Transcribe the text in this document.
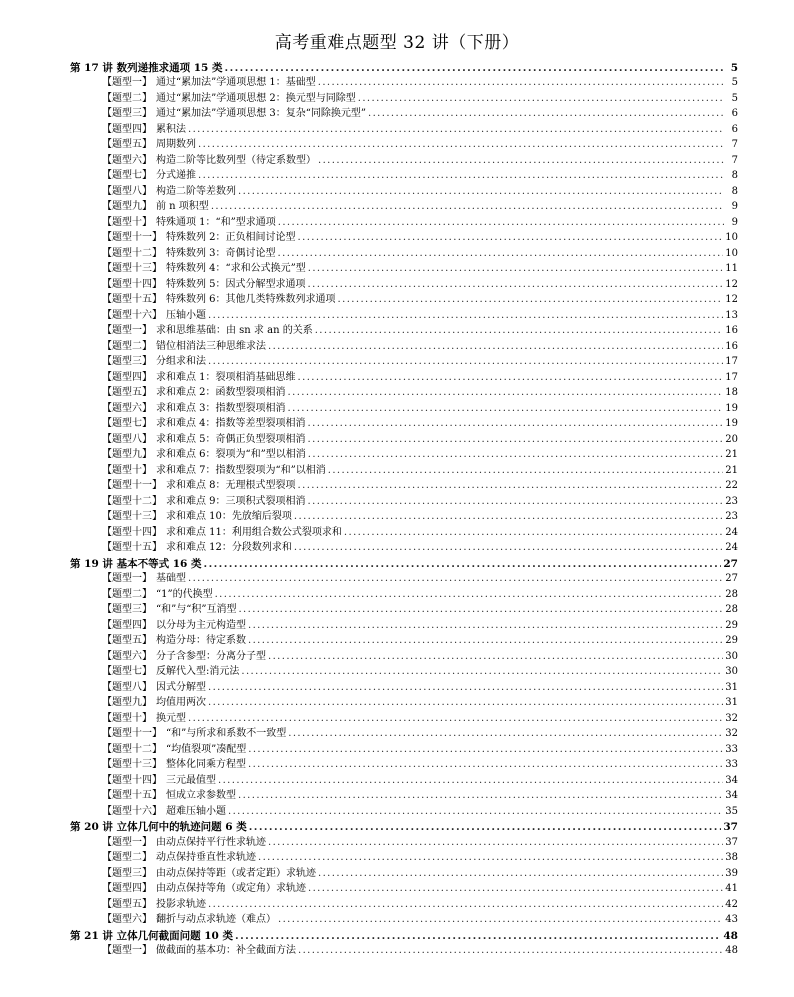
高考重难点题型 32 讲（下册）
第 17 讲 数列递推求通项 15 类 .....	5
【题型一】 通过“累加法”学通项思想 1：基础型 .....	5
【题型二】 通过“累加法”学通项思想 2：换元型与同除型 .....	5
【题型三】 通过“累加法”学通项思想 3：复杂“同除换元型” .....	6
【题型四】 累积法 .....	6
【题型五】 周期数列 .....	7
【题型六】 构造二阶等比数列型（待定系数型） .....	7
【题型七】 分式递推 .....	8
【题型八】 构造二阶等差数列 .....	8
【题型九】 前 n 项积型 .....	9
【题型十】 特殊通项 1：“和”型求通项 .....	9
【题型十一】 特殊数列 2：正负相间讨论型 .....	10
【题型十二】 特殊数列 3：奇偶讨论型 .....	10
【题型十三】 特殊数列 4：“求和公式换元”型 .....	11
【题型十四】 特殊数列 5：因式分解型求通项 .....	12
【题型十五】 特殊数列 6：其他几类特殊数列求通项 .....	12
【题型十六】 压轴小题 .....	13
【题型一】 求和思维基础：由 sn 求 an 的关系 .....	16
【题型二】 错位相消法三种思维求法 .....	16
【题型三】 分组求和法 .....	17
【题型四】 求和难点 1：裂项相消基础思维 .....	17
【题型五】 求和难点 2：函数型裂项相消 .....	18
【题型六】 求和难点 3：指数型裂项相消 .....	19
【题型七】 求和难点 4：指数等差型裂项相消 .....	19
【题型八】 求和难点 5：奇偶正负型裂项相消 .....	20
【题型九】 求和难点 6：裂项为“和”型以相消 .....	21
【题型十】 求和难点 7：指数型裂项为“和”以相消 .....	21
【题型十一】 求和难点 8：无理根式型裂项 .....	22
【题型十二】 求和难点 9：三项积式裂项相消 .....	23
【题型十三】 求和难点 10：先放缩后裂项 .....	23
【题型十四】 求和难点 11：利用组合数公式裂项求和 .....	24
【题型十五】 求和难点 12：分段数列求和 .....	24
第 19 讲 基本不等式 16 类 .....	27
【题型一】 基础型 .....	27
【题型二】 “1”的代换型 .....	28
【题型三】 “和”与“积”互消型 .....	28
【题型四】 以分母为主元构造型 .....	29
【题型五】 构造分母：待定系数 .....	29
【题型六】 分子含参型：分离分子型 .....	30
【题型七】 反解代入型:消元法 .....	30
【题型八】 因式分解型 .....	31
【题型九】 均值用两次 .....	31
【题型十】 换元型 .....	32
【题型十一】 “和”与所求和系数不一致型 .....	32
【题型十二】 “均值裂项”凑配型 .....	33
【题型十三】 整体化同乘方程型 .....	33
【题型十四】 三元最值型 .....	34
【题型十五】 恒成立求参数型 .....	34
【题型十六】 超难压轴小题 .....	35
第 20 讲 立体几何中的轨迹问题 6 类 .....	37
【题型一】 由动点保持平行性求轨迹 .....	37
【题型二】 动点保持垂直性求轨迹 .....	38
【题型三】 由动点保持等距（或者定距）求轨迹 .....	39
【题型四】 由动点保持等角（或定角）求轨迹 .....	41
【题型五】 投影求轨迹 .....	42
【题型六】 翻折与动点求轨迹（难点） .....	43
第 21 讲 立体几何截面问题 10 类 .....	48
【题型一】 做截面的基本功：补全截面方法 .....	48
